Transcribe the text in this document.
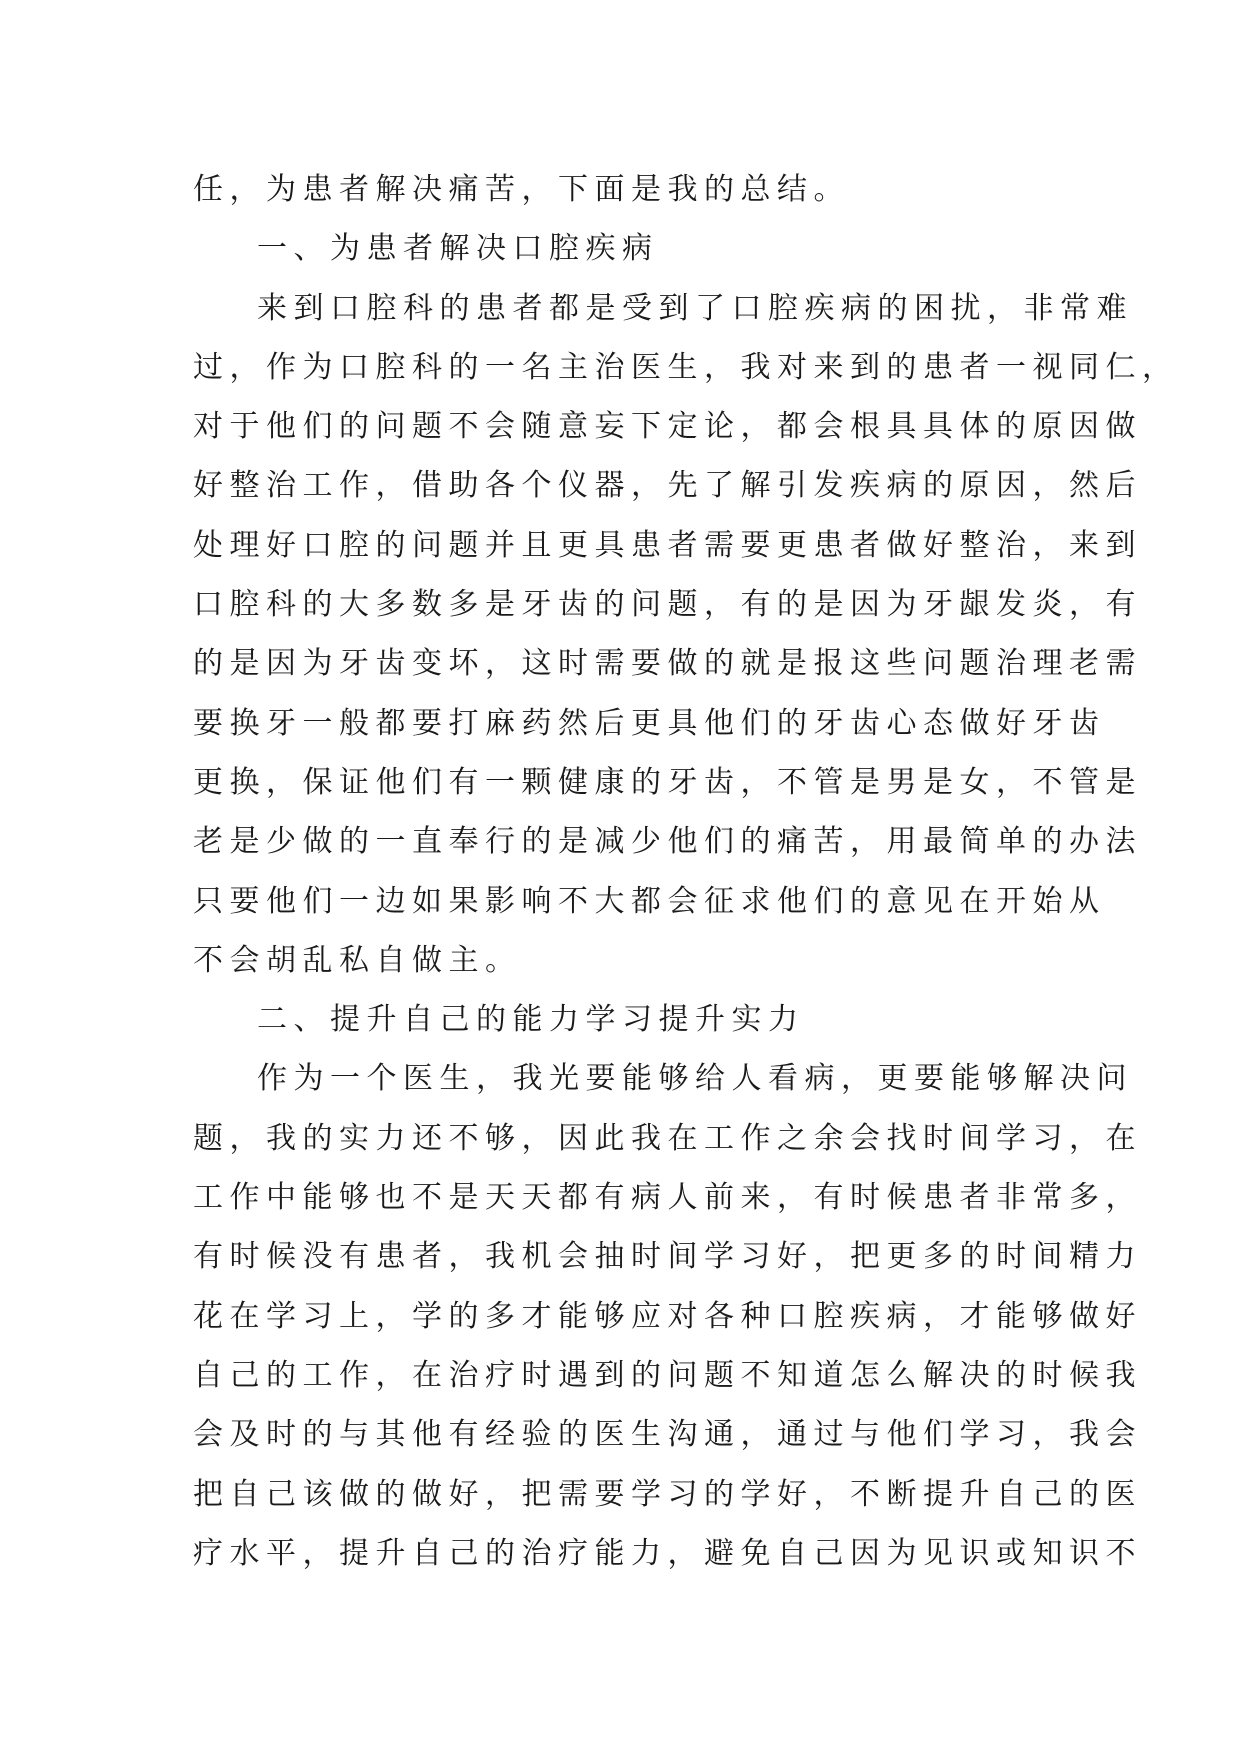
任，为患者解决痛苦，下面是我的总结。
一、为患者解决口腔疾病
来到口腔科的患者都是受到了口腔疾病的困扰，非常难
过，作为口腔科的一名主治医生，我对来到的患者一视同仁，
对于他们的问题不会随意妄下定论，都会根具具体的原因做
好整治工作，借助各个仪器，先了解引发疾病的原因，然后
处理好口腔的问题并且更具患者需要更患者做好整治，来到
口腔科的大多数多是牙齿的问题，有的是因为牙龈发炎，有
的是因为牙齿变坏，这时需要做的就是报这些问题治理老需
要换牙一般都要打麻药然后更具他们的牙齿心态做好牙齿
更换，保证他们有一颗健康的牙齿，不管是男是女，不管是
老是少做的一直奉行的是减少他们的痛苦，用最简单的办法
只要他们一边如果影响不大都会征求他们的意见在开始从
不会胡乱私自做主。
二、提升自己的能力学习提升实力
作为一个医生，我光要能够给人看病，更要能够解决问
题，我的实力还不够，因此我在工作之余会找时间学习，在
工作中能够也不是天天都有病人前来，有时候患者非常多，
有时候没有患者，我机会抽时间学习好，把更多的时间精力
花在学习上，学的多才能够应对各种口腔疾病，才能够做好
自己的工作，在治疗时遇到的问题不知道怎么解决的时候我
会及时的与其他有经验的医生沟通，通过与他们学习，我会
把自己该做的做好，把需要学习的学好，不断提升自己的医
疗水平，提升自己的治疗能力，避免自己因为见识或知识不
